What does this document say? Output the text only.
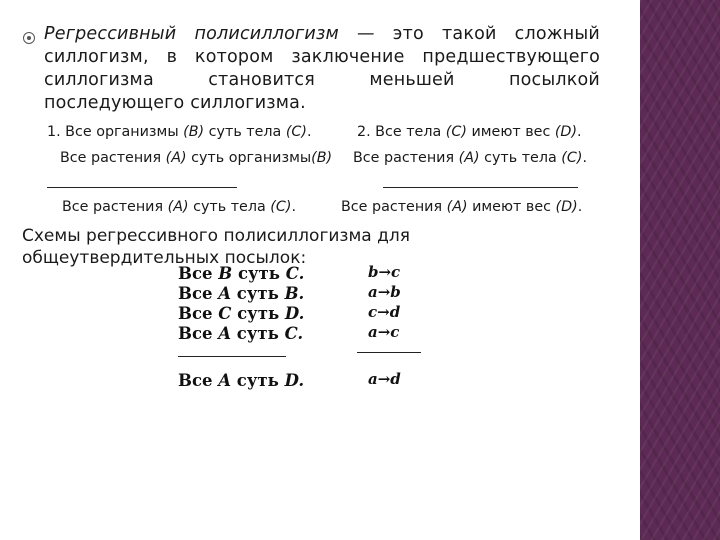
Регрессивный полисиллогизм — это такой сложный силлогизм, в котором заключение предшествующего силлогизма становится меньшей посылкой последующего силлогизма.
1. Все организмы (B) суть тела (С).
Все растения (A) суть организмы(B)
Все растения (A) суть тела (С).
2. Все тела (C) имеют вес (D).
Все растения (A) суть тела (C).
Все растения (A) имеют вес (D).
Схемы регрессивного полисиллогизма для общеутвердительных посылок:
Все B суть C.
Все A суть B.
Все C суть D.
Все A суть C.
Все A суть D.
b→c
a→b
c→d
a→c
a→d
